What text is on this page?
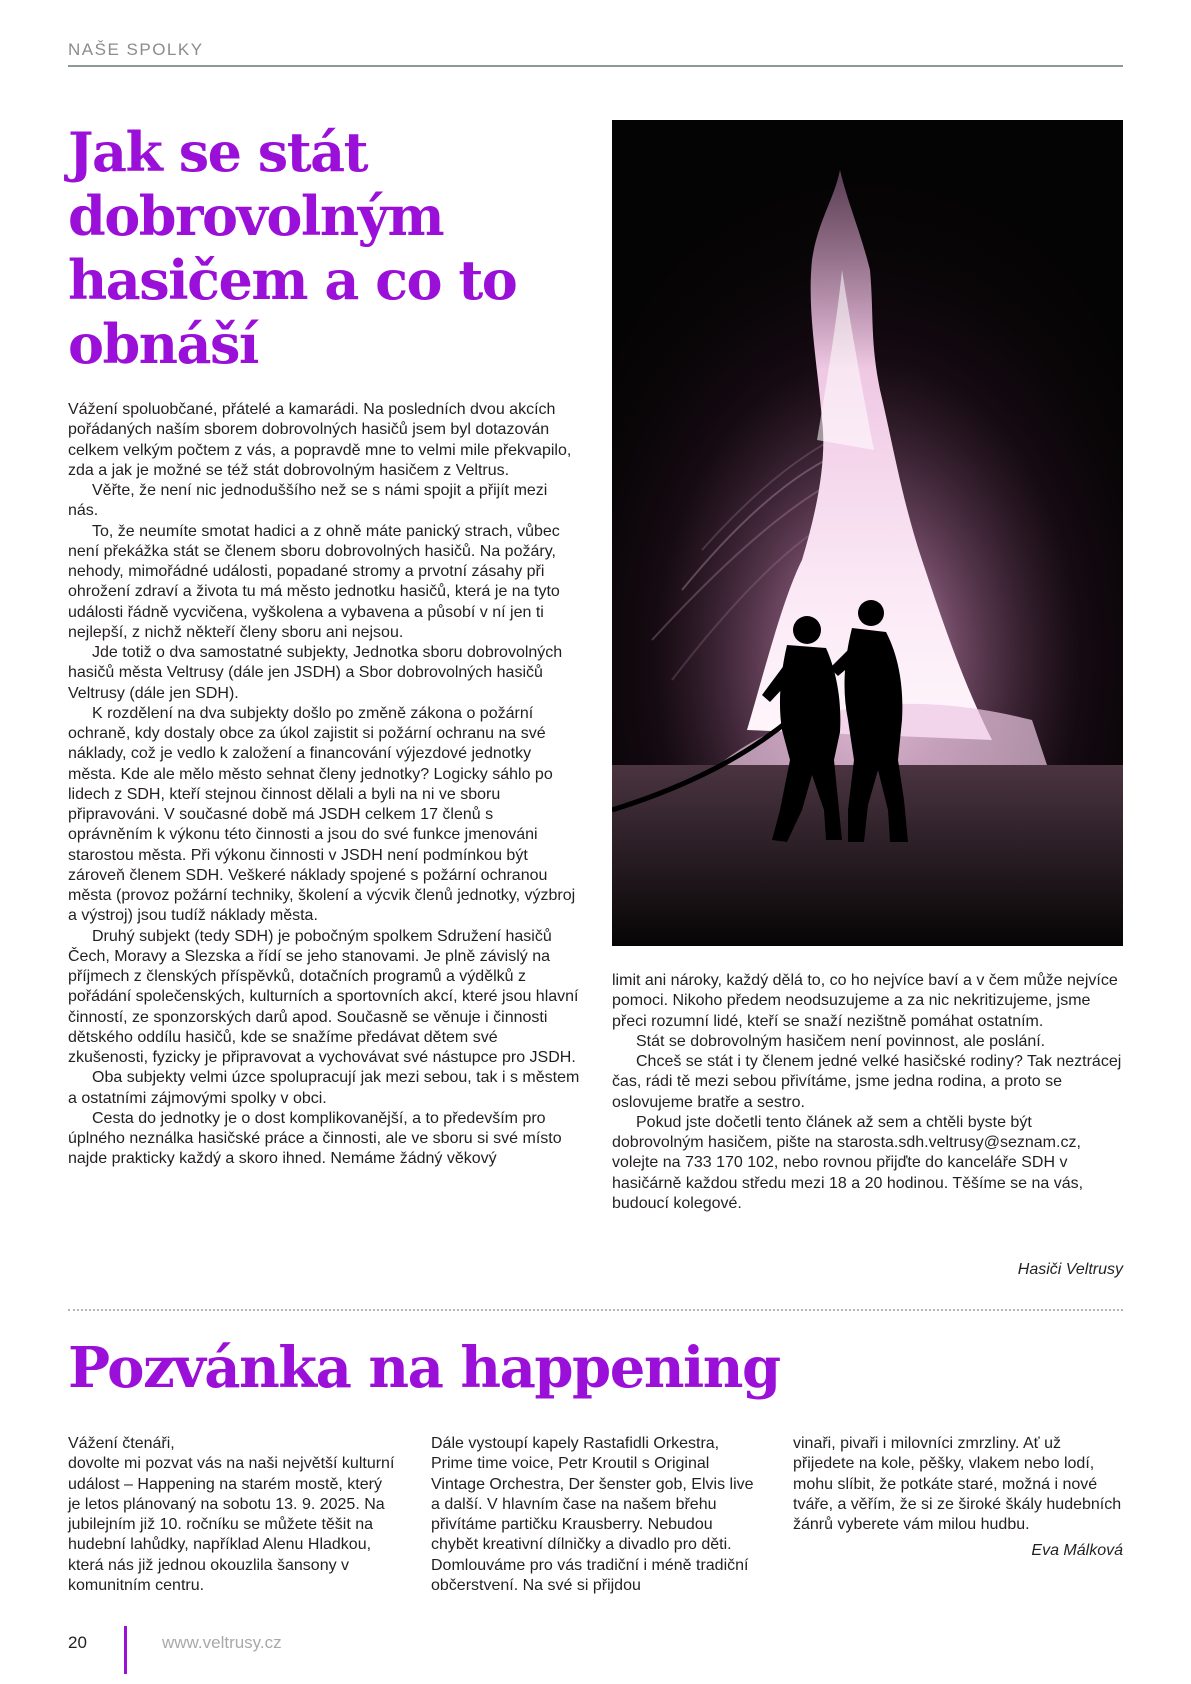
NAŠE SPOLKY
Jak se stát dobrovolným hasičem a co to obnáší

Vážení spoluobčané, přátelé a kamarádi. Na posledních dvou akcích pořádaných naším sborem dobrovolných hasičů jsem byl dotazován celkem velkým počtem z vás, a popravdě mne to velmi mile překvapilo, zda a jak je možné se též stát dobrovolným hasičem z Veltrus.

Věřte, že není nic jednoduššího než se s námi spojit a přijít mezi nás.

To, že neumíte smotat hadici a z ohně máte panický strach, vůbec není překážka stát se členem sboru dobrovolných hasičů. Na požáry, nehody, mimořádné události, popadané stromy a prvotní zásahy při ohrožení zdraví a života tu má město jednotku hasičů, která je na tyto události řádně vycvičena, vyškolena a vybavena a působí v ní jen ti nejlepší, z nichž někteří členy sboru ani nejsou.

Jde totiž o dva samostatné subjekty, Jednotka sboru dobrovolných hasičů města Veltrusy (dále jen JSDH) a Sbor dobrovolných hasičů Veltrusy (dále jen SDH).

K rozdělení na dva subjekty došlo po změně zákona o požární ochraně, kdy dostaly obce za úkol zajistit si požární ochranu na své náklady, což je vedlo k založení a financování výjezdové jednotky města. Kde ale mělo město sehnat členy jednotky? Logicky sáhlo po lidech z SDH, kteří stejnou činnost dělali a byli na ni ve sboru připravováni. V současné době má JSDH celkem 17 členů s oprávněním k výkonu této činnosti a jsou do své funkce jmenováni starostou města. Při výkonu činnosti v JSDH není podmínkou být zároveň členem SDH. Veškeré náklady spojené s požární ochranou města (provoz požární techniky, školení a výcvik členů jednotky, výzbroj a výstroj) jsou tudíž náklady města.

Druhý subjekt (tedy SDH) je pobočným spolkem Sdružení hasičů Čech, Moravy a Slezska a řídí se jeho stanovami. Je plně závislý na příjmech z členských příspěvků, dotačních programů a výdělků z pořádání společenských, kulturních a sportovních akcí, které jsou hlavní činností, ze sponzorských darů apod. Současně se věnuje i činnosti dětského oddílu hasičů, kde se snažíme předávat dětem své zkušenosti, fyzicky je připravovat a vychovávat své nástupce pro JSDH.

Oba subjekty velmi úzce spolupracují jak mezi sebou, tak i s městem a ostatními zájmovými spolky v obci.

Cesta do jednotky je o dost komplikovanější, a to především pro úplného neználka hasičské práce a činnosti, ale ve sboru si své místo najde prakticky každý a skoro ihned. Nemáme žádný věkový

limit ani nároky, každý dělá to, co ho nejvíce baví a v čem může nejvíce pomoci. Nikoho předem neodsuzujeme a za nic nekritizujeme, jsme přeci rozumní lidé, kteří se snaží nezištně pomáhat ostatním.

Stát se dobrovolným hasičem není povinnost, ale poslání.

Chceš se stát i ty členem jedné velké hasičské rodiny? Tak neztrácej čas, rádi tě mezi sebou přivítáme, jsme jedna rodina, a proto se oslovujeme bratře a sestro.

Pokud jste dočetli tento článek až sem a chtěli byste být dobrovolným hasičem, pište na starosta.sdh.veltrusy@seznam.cz, volejte na 733 170 102, nebo rovnou přijďte do kanceláře SDH v hasičárně každou středu mezi 18 a 20 hodinou. Těšíme se na vás, budoucí kolegové.

Hasiči Veltrusy
Pozvánka na happening

Vážení čtenáři,

dovolte mi pozvat vás na naši největší kulturní událost – Happening na starém mostě, který je letos plánovaný na sobotu 13. 9. 2025. Na jubilejním již 10. ročníku se můžete těšit na hudební lahůdky, například Alenu Hladkou, která nás již jednou okouzlila šansony v komunitním centru.

Dále vystoupí kapely Rastafidli Orkestra, Prime time voice, Petr Kroutil s Original Vintage Orchestra, Der šenster gob, Elvis live a další. V hlavním čase na našem břehu přivítáme partičku Krausberry. Nebudou chybět kreativní dílničky a divadlo pro děti. Domlouváme pro vás tradiční i méně tradiční občerstvení. Na své si přijdou

vinaři, pivaři i milovníci zmrzliny. Ať už přijedete na kole, pěšky, vlakem nebo lodí, mohu slíbit, že potkáte staré, možná i nové tváře, a věřím, že si ze široké škály hudebních žánrů vyberete vám milou hudbu.

Eva Málková
20	www.veltrusy.cz
